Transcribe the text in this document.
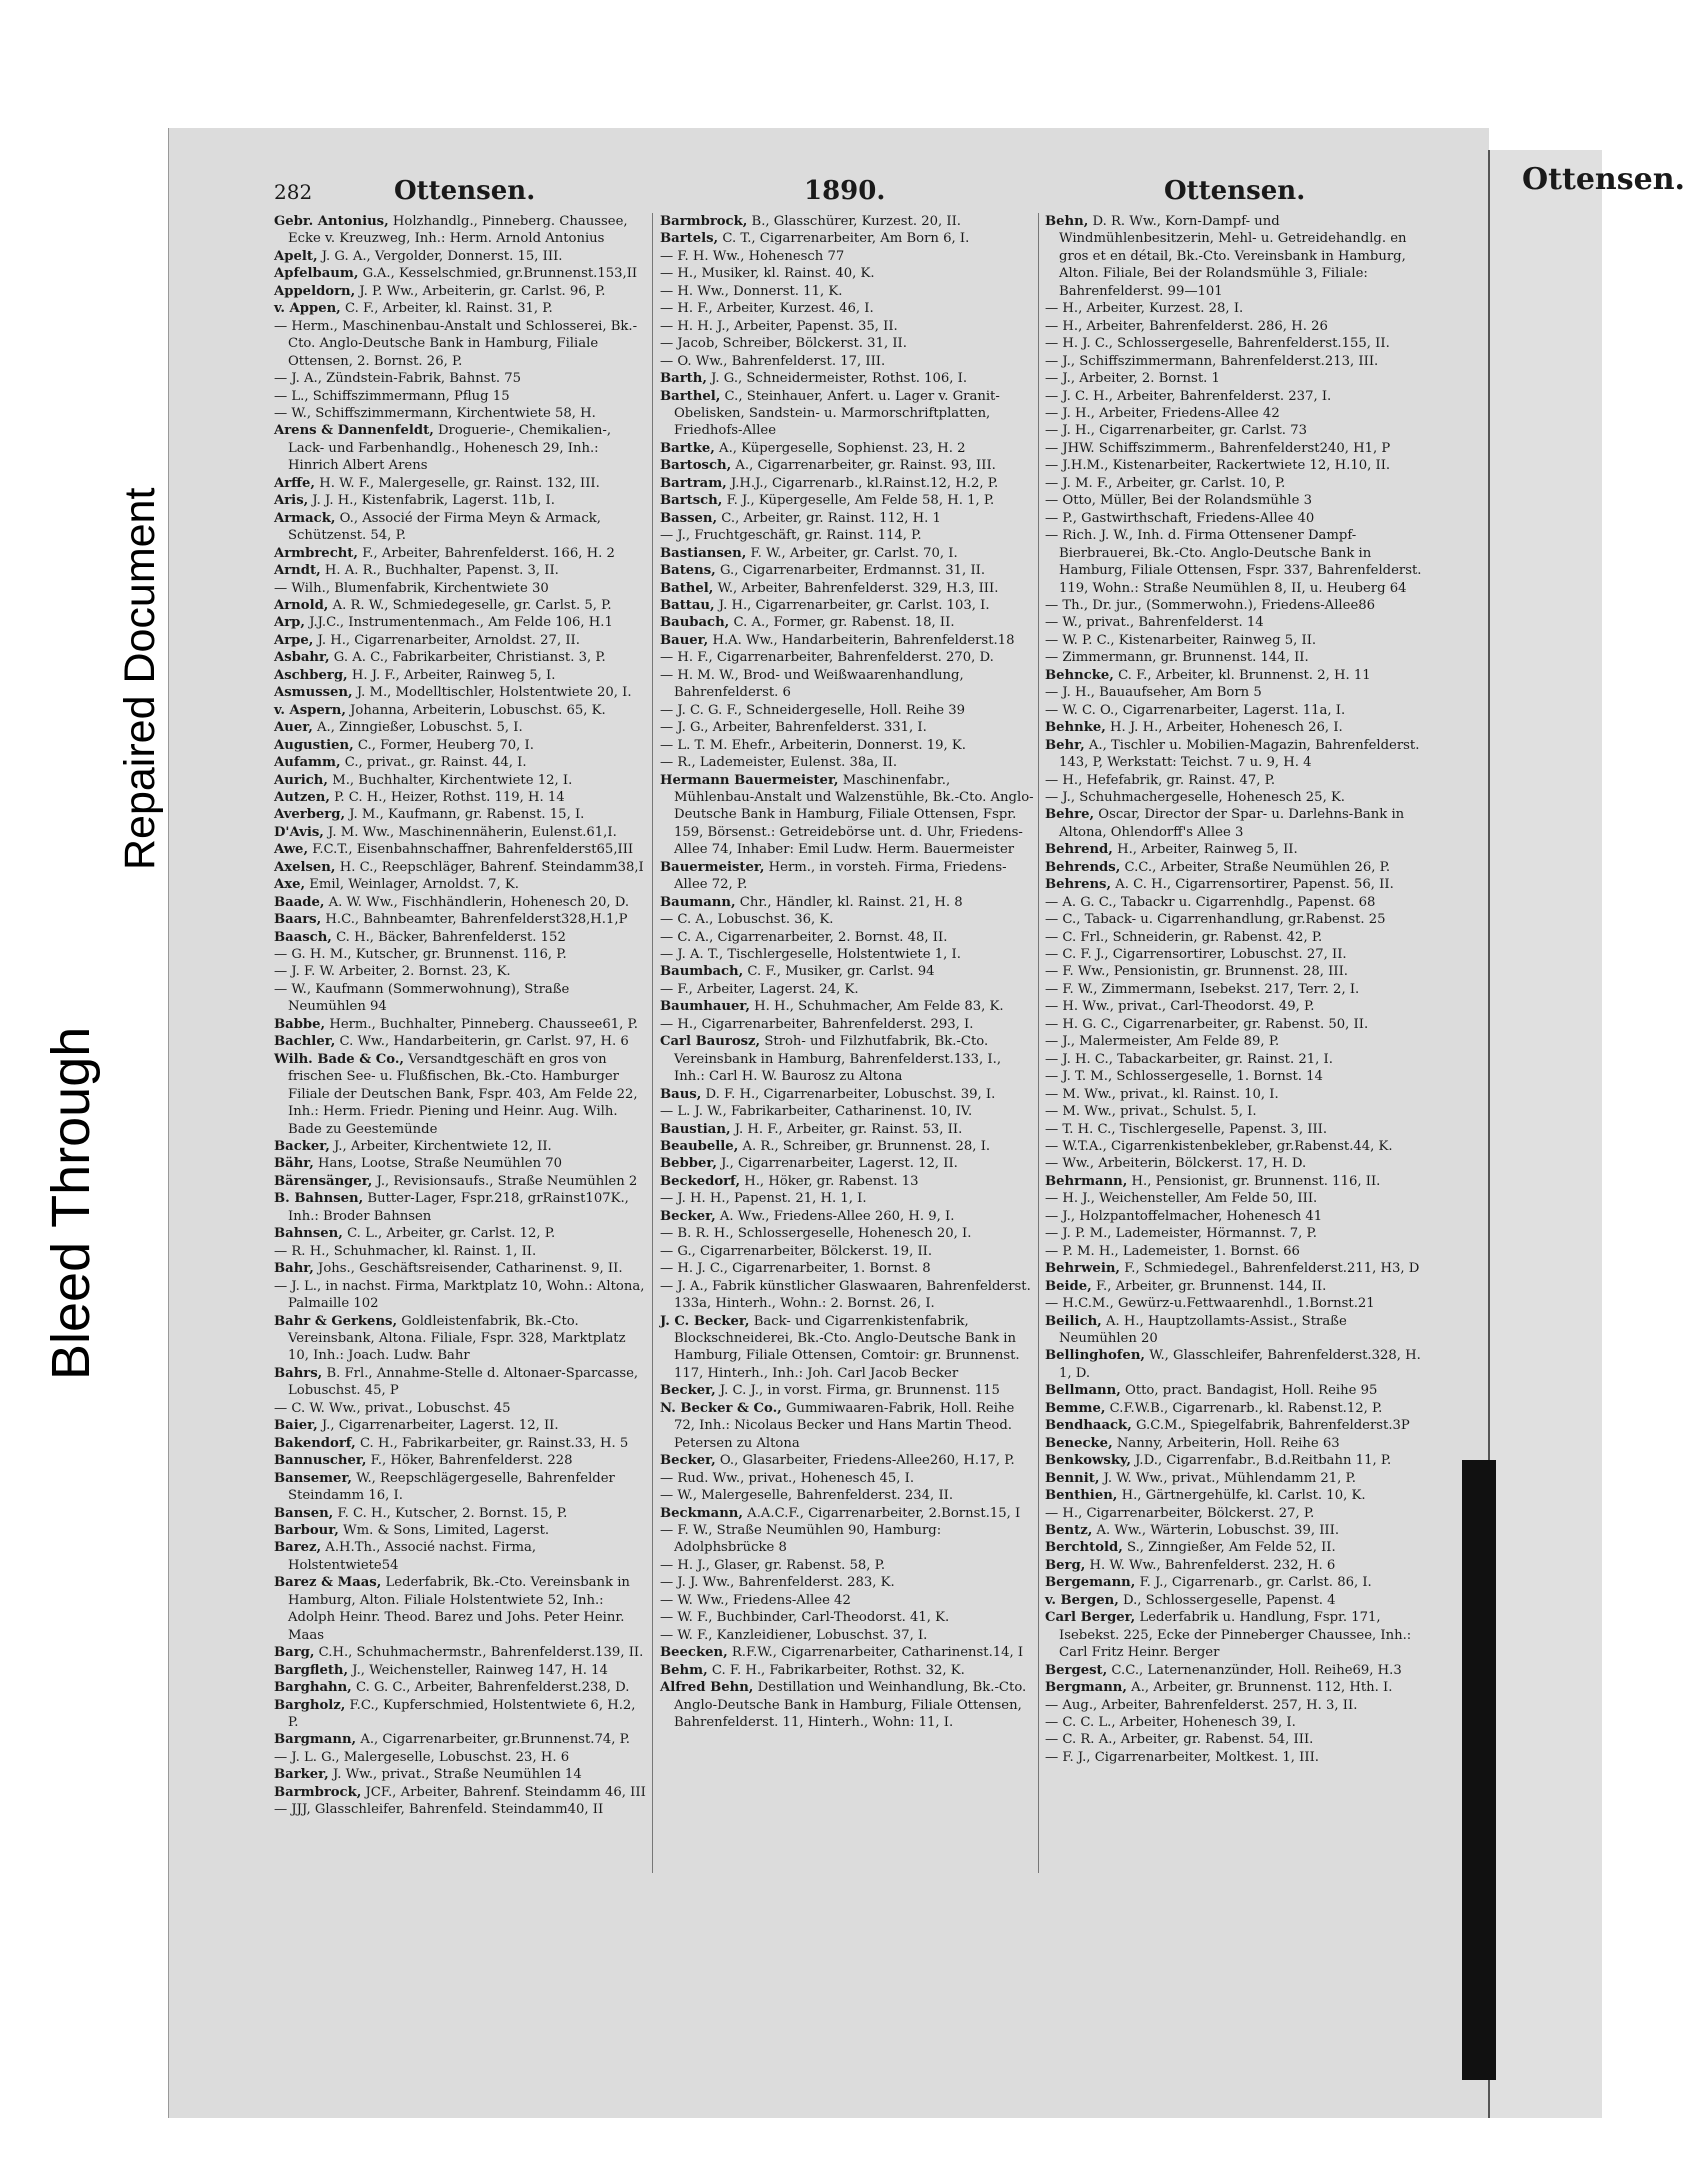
Bleed Through
Repaired Document
Ottensen.
282	Ottensen.	1890.	Ottensen.

Gebr. Antonius, Holzhandlg., Pinneberg. Chaussee, Ecke v. Kreuzweg, Inh.: Herm. Arnold Antonius

Apelt, J. G. A., Vergolder, Donnerst. 15, III.

Apfelbaum, G.A., Kesselschmied, gr.Brunnenst.153,II

Appeldorn, J. P. Ww., Arbeiterin, gr. Carlst. 96, P.

v. Appen, C. F., Arbeiter, kl. Rainst. 31, P.

— Herm., Maschinenbau-Anstalt und Schlosserei, Bk.-Cto. Anglo-Deutsche Bank in Hamburg, Filiale Ottensen, 2. Bornst. 26, P.

— J. A., Zündstein-Fabrik, Bahnst. 75

— L., Schiffszimmermann, Pflug 15

— W., Schiffszimmermann, Kirchentwiete 58, H.

Arens & Dannenfeldt, Droguerie-, Chemikalien-, Lack- und Farbenhandlg., Hohenesch 29, Inh.: Hinrich Albert Arens

Arffe, H. W. F., Malergeselle, gr. Rainst. 132, III.

Aris, J. J. H., Kistenfabrik, Lagerst. 11b, I.

Armack, O., Associé der Firma Meyn & Armack, Schützenst. 54, P.

Armbrecht, F., Arbeiter, Bahrenfelderst. 166, H. 2

Arndt, H. A. R., Buchhalter, Papenst. 3, II.

— Wilh., Blumenfabrik, Kirchentwiete 30

Arnold, A. R. W., Schmiedegeselle, gr. Carlst. 5, P.

Arp, J.J.C., Instrumentenmach., Am Felde 106, H.1

Arpe, J. H., Cigarrenarbeiter, Arnoldst. 27, II.

Asbahr, G. A. C., Fabrikarbeiter, Christianst. 3, P.

Aschberg, H. J. F., Arbeiter, Rainweg 5, I.

Asmussen, J. M., Modelltischler, Holstentwiete 20, I.

v. Aspern, Johanna, Arbeiterin, Lobuschst. 65, K.

Auer, A., Zinngießer, Lobuschst. 5, I.

Augustien, C., Former, Heuberg 70, I.

Aufamm, C., privat., gr. Rainst. 44, I.

Aurich, M., Buchhalter, Kirchentwiete 12, I.

Autzen, P. C. H., Heizer, Rothst. 119, H. 14

Averberg, J. M., Kaufmann, gr. Rabenst. 15, I.

D'Avis, J. M. Ww., Maschinennäherin, Eulenst.61,I.

Awe, F.C.T., Eisenbahnschaffner, Bahrenfelderst65,III

Axelsen, H. C., Reepschläger, Bahrenf. Steindamm38,I

Axe, Emil, Weinlager, Arnoldst. 7, K.

Baade, A. W. Ww., Fischhändlerin, Hohenesch 20, D.

Baars, H.C., Bahnbeamter, Bahrenfelderst328,H.1,P

Baasch, C. H., Bäcker, Bahrenfelderst. 152

— G. H. M., Kutscher, gr. Brunnenst. 116, P.

— J. F. W. Arbeiter, 2. Bornst. 23, K.

— W., Kaufmann (Sommerwohnung), Straße Neumühlen 94

Babbe, Herm., Buchhalter, Pinneberg. Chaussee61, P.

Bachler, C. Ww., Handarbeiterin, gr. Carlst. 97, H. 6

Wilh. Bade & Co., Versandtgeschäft en gros von frischen See- u. Flußfischen, Bk.-Cto. Hamburger Filiale der Deutschen Bank, Fspr. 403, Am Felde 22, Inh.: Herm. Friedr. Piening und Heinr. Aug. Wilh. Bade zu Geestemünde

Backer, J., Arbeiter, Kirchentwiete 12, II.

Bähr, Hans, Lootse, Straße Neumühlen 70

Bärensänger, J., Revisionsaufs., Straße Neumühlen 2

B. Bahnsen, Butter-Lager, Fspr.218, grRainst107K., Inh.: Broder Bahnsen

Bahnsen, C. L., Arbeiter, gr. Carlst. 12, P.

— R. H., Schuhmacher, kl. Rainst. 1, II.

Bahr, Johs., Geschäftsreisender, Catharinenst. 9, II.

— J. L., in nachst. Firma, Marktplatz 10, Wohn.: Altona, Palmaille 102

Bahr & Gerkens, Goldleistenfabrik, Bk.-Cto. Vereinsbank, Altona. Filiale, Fspr. 328, Marktplatz 10, Inh.: Joach. Ludw. Bahr

Bahrs, B. Frl., Annahme-Stelle d. Altonaer-Sparcasse, Lobuschst. 45, P

— C. W. Ww., privat., Lobuschst. 45

Baier, J., Cigarrenarbeiter, Lagerst. 12, II.

Bakendorf, C. H., Fabrikarbeiter, gr. Rainst.33, H. 5

Bannuscher, F., Höker, Bahrenfelderst. 228

Bansemer, W., Reepschlägergeselle, Bahrenfelder Steindamm 16, I.

Bansen, F. C. H., Kutscher, 2. Bornst. 15, P.

Barbour, Wm. & Sons, Limited, Lagerst.

Barez, A.H.Th., Associé nachst. Firma, Holstentwiete54

Barez & Maas, Lederfabrik, Bk.-Cto. Vereinsbank in Hamburg, Alton. Filiale Holstentwiete 52, Inh.: Adolph Heinr. Theod. Barez und Johs. Peter Heinr. Maas

Barg, C.H., Schuhmachermstr., Bahrenfelderst.139, II.

Bargfleth, J., Weichensteller, Rainweg 147, H. 14

Barghahn, C. G. C., Arbeiter, Bahrenfelderst.238, D.

Bargholz, F.C., Kupferschmied, Holstentwiete 6, H.2, P.

Bargmann, A., Cigarrenarbeiter, gr.Brunnenst.74, P.

— J. L. G., Malergeselle, Lobuschst. 23, H. 6

Barker, J. Ww., privat., Straße Neumühlen 14

Barmbrock, JCF., Arbeiter, Bahrenf. Steindamm 46, III

— JJJ, Glasschleifer, Bahrenfeld. Steindamm40, II

Barmbrock, B., Glasschürer, Kurzest. 20, II.

Bartels, C. T., Cigarrenarbeiter, Am Born 6, I.

— F. H. Ww., Hohenesch 77

— H., Musiker, kl. Rainst. 40, K.

— H. Ww., Donnerst. 11, K.

— H. F., Arbeiter, Kurzest. 46, I.

— H. H. J., Arbeiter, Papenst. 35, II.

— Jacob, Schreiber, Bölckerst. 31, II.

— O. Ww., Bahrenfelderst. 17, III.

Barth, J. G., Schneidermeister, Rothst. 106, I.

Barthel, C., Steinhauer, Anfert. u. Lager v. Granit-Obelisken, Sandstein- u. Marmorschriftplatten, Friedhofs-Allee

Bartke, A., Küpergeselle, Sophienst. 23, H. 2

Bartosch, A., Cigarrenarbeiter, gr. Rainst. 93, III.

Bartram, J.H.J., Cigarrenarb., kl.Rainst.12, H.2, P.

Bartsch, F. J., Küpergeselle, Am Felde 58, H. 1, P.

Bassen, C., Arbeiter, gr. Rainst. 112, H. 1

— J., Fruchtgeschäft, gr. Rainst. 114, P.

Bastiansen, F. W., Arbeiter, gr. Carlst. 70, I.

Batens, G., Cigarrenarbeiter, Erdmannst. 31, II.

Bathel, W., Arbeiter, Bahrenfelderst. 329, H.3, III.

Battau, J. H., Cigarrenarbeiter, gr. Carlst. 103, I.

Baubach, C. A., Former, gr. Rabenst. 18, II.

Bauer, H.A. Ww., Handarbeiterin, Bahrenfelderst.18

— H. F., Cigarrenarbeiter, Bahrenfelderst. 270, D.

— H. M. W., Brod- und Weißwaarenhandlung, Bahrenfelderst. 6

— J. C. G. F., Schneidergeselle, Holl. Reihe 39

— J. G., Arbeiter, Bahrenfelderst. 331, I.

— L. T. M. Ehefr., Arbeiterin, Donnerst. 19, K.

— R., Lademeister, Eulenst. 38a, II.

Hermann Bauermeister, Maschinenfabr., Mühlenbau-Anstalt und Walzenstühle, Bk.-Cto. Anglo-Deutsche Bank in Hamburg, Filiale Ottensen, Fspr. 159, Börsenst.: Getreidebörse unt. d. Uhr, Friedens-Allee 74, Inhaber: Emil Ludw. Herm. Bauermeister

Bauermeister, Herm., in vorsteh. Firma, Friedens-Allee 72, P.

Baumann, Chr., Händler, kl. Rainst. 21, H. 8

— C. A., Lobuschst. 36, K.

— C. A., Cigarrenarbeiter, 2. Bornst. 48, II.

— J. A. T., Tischlergeselle, Holstentwiete 1, I.

Baumbach, C. F., Musiker, gr. Carlst. 94

— F., Arbeiter, Lagerst. 24, K.

Baumhauer, H. H., Schuhmacher, Am Felde 83, K.

— H., Cigarrenarbeiter, Bahrenfelderst. 293, I.

Carl Baurosz, Stroh- und Filzhutfabrik, Bk.-Cto. Vereinsbank in Hamburg, Bahrenfelderst.133, I., Inh.: Carl H. W. Baurosz zu Altona

Baus, D. F. H., Cigarrenarbeiter, Lobuschst. 39, I.

— L. J. W., Fabrikarbeiter, Catharinenst. 10, IV.

Baustian, J. H. F., Arbeiter, gr. Rainst. 53, II.

Beaubelle, A. R., Schreiber, gr. Brunnenst. 28, I.

Bebber, J., Cigarrenarbeiter, Lagerst. 12, II.

Beckedorf, H., Höker, gr. Rabenst. 13

— J. H. H., Papenst. 21, H. 1, I.

Becker, A. Ww., Friedens-Allee 260, H. 9, I.

— B. R. H., Schlossergeselle, Hohenesch 20, I.

— G., Cigarrenarbeiter, Bölckerst. 19, II.

— H. J. C., Cigarrenarbeiter, 1. Bornst. 8

— J. A., Fabrik künstlicher Glaswaaren, Bahrenfelderst. 133a, Hinterh., Wohn.: 2. Bornst. 26, I.

J. C. Becker, Back- und Cigarrenkistenfabrik, Blockschneiderei, Bk.-Cto. Anglo-Deutsche Bank in Hamburg, Filiale Ottensen, Comtoir: gr. Brunnenst. 117, Hinterh., Inh.: Joh. Carl Jacob Becker

Becker, J. C. J., in vorst. Firma, gr. Brunnenst. 115

N. Becker & Co., Gummiwaaren-Fabrik, Holl. Reihe 72, Inh.: Nicolaus Becker und Hans Martin Theod. Petersen zu Altona

Becker, O., Glasarbeiter, Friedens-Allee260, H.17, P.

— Rud. Ww., privat., Hohenesch 45, I.

— W., Malergeselle, Bahrenfelderst. 234, II.

Beckmann, A.A.C.F., Cigarrenarbeiter, 2.Bornst.15, I

— F. W., Straße Neumühlen 90, Hamburg: Adolphsbrücke 8

— H. J., Glaser, gr. Rabenst. 58, P.

— J. J. Ww., Bahrenfelderst. 283, K.

— W. Ww., Friedens-Allee 42

— W. F., Buchbinder, Carl-Theodorst. 41, K.

— W. F., Kanzleidiener, Lobuschst. 37, I.

Beecken, R.F.W., Cigarrenarbeiter, Catharinenst.14, I

Behm, C. F. H., Fabrikarbeiter, Rothst. 32, K.

Alfred Behn, Destillation und Weinhandlung, Bk.-Cto. Anglo-Deutsche Bank in Hamburg, Filiale Ottensen, Bahrenfelderst. 11, Hinterh., Wohn: 11, I.

Behn, D. R. Ww., Korn-Dampf- und Windmühlenbesitzerin, Mehl- u. Getreidehandlg. en gros et en détail, Bk.-Cto. Vereinsbank in Hamburg, Alton. Filiale, Bei der Rolandsmühle 3, Filiale: Bahrenfelderst. 99—101

— H., Arbeiter, Kurzest. 28, I.

— H., Arbeiter, Bahrenfelderst. 286, H. 26

— H. J. C., Schlossergeselle, Bahrenfelderst.155, II.

— J., Schiffszimmermann, Bahrenfelderst.213, III.

— J., Arbeiter, 2. Bornst. 1

— J. C. H., Arbeiter, Bahrenfelderst. 237, I.

— J. H., Arbeiter, Friedens-Allee 42

— J. H., Cigarrenarbeiter, gr. Carlst. 73

— JHW. Schiffszimmerm., Bahrenfelderst240, H1, P

— J.H.M., Kistenarbeiter, Rackertwiete 12, H.10, II.

— J. M. F., Arbeiter, gr. Carlst. 10, P.

— Otto, Müller, Bei der Rolandsmühle 3

— P., Gastwirthschaft, Friedens-Allee 40

— Rich. J. W., Inh. d. Firma Ottensener Dampf-Bierbrauerei, Bk.-Cto. Anglo-Deutsche Bank in Hamburg, Filiale Ottensen, Fspr. 337, Bahrenfelderst. 119, Wohn.: Straße Neumühlen 8, II, u. Heuberg 64

— Th., Dr. jur., (Sommerwohn.), Friedens-Allee86

— W., privat., Bahrenfelderst. 14

— W. P. C., Kistenarbeiter, Rainweg 5, II.

— Zimmermann, gr. Brunnenst. 144, II.

Behncke, C. F., Arbeiter, kl. Brunnenst. 2, H. 11

— J. H., Bauaufseher, Am Born 5

— W. C. O., Cigarrenarbeiter, Lagerst. 11a, I.

Behnke, H. J. H., Arbeiter, Hohenesch 26, I.

Behr, A., Tischler u. Mobilien-Magazin, Bahrenfelderst. 143, P, Werkstatt: Teichst. 7 u. 9, H. 4

— H., Hefefabrik, gr. Rainst. 47, P.

— J., Schuhmachergeselle, Hohenesch 25, K.

Behre, Oscar, Director der Spar- u. Darlehns-Bank in Altona, Ohlendorff's Allee 3

Behrend, H., Arbeiter, Rainweg 5, II.

Behrends, C.C., Arbeiter, Straße Neumühlen 26, P.

Behrens, A. C. H., Cigarrensortirer, Papenst. 56, II.

— A. G. C., Tabackr u. Cigarrenhdlg., Papenst. 68

— C., Taback- u. Cigarrenhandlung, gr.Rabenst. 25

— C. Frl., Schneiderin, gr. Rabenst. 42, P.

— C. F. J., Cigarrensortirer, Lobuschst. 27, II.

— F. Ww., Pensionistin, gr. Brunnenst. 28, III.

— F. W., Zimmermann, Isebekst. 217, Terr. 2, I.

— H. Ww., privat., Carl-Theodorst. 49, P.

— H. G. C., Cigarrenarbeiter, gr. Rabenst. 50, II.

— J., Malermeister, Am Felde 89, P.

— J. H. C., Tabackarbeiter, gr. Rainst. 21, I.

— J. T. M., Schlossergeselle, 1. Bornst. 14

— M. Ww., privat., kl. Rainst. 10, I.

— M. Ww., privat., Schulst. 5, I.

— T. H. C., Tischlergeselle, Papenst. 3, III.

— W.T.A., Cigarrenkistenbekleber, gr.Rabenst.44, K.

— Ww., Arbeiterin, Bölckerst. 17, H. D.

Behrmann, H., Pensionist, gr. Brunnenst. 116, II.

— H. J., Weichensteller, Am Felde 50, III.

— J., Holzpantoffelmacher, Hohenesch 41

— J. P. M., Lademeister, Hörmannst. 7, P.

— P. M. H., Lademeister, 1. Bornst. 66

Behrwein, F., Schmiedegel., Bahrenfelderst.211, H3, D

Beide, F., Arbeiter, gr. Brunnenst. 144, II.

— H.C.M., Gewürz-u.Fettwaarenhdl., 1.Bornst.21

Beilich, A. H., Hauptzollamts-Assist., Straße Neumühlen 20

Bellinghofen, W., Glasschleifer, Bahrenfelderst.328, H. 1, D.

Bellmann, Otto, pract. Bandagist, Holl. Reihe 95

Bemme, C.F.W.B., Cigarrenarb., kl. Rabenst.12, P.

Bendhaack, G.C.M., Spiegelfabrik, Bahrenfelderst.3P

Benecke, Nanny, Arbeiterin, Holl. Reihe 63

Benkowsky, J.D., Cigarrenfabr., B.d.Reitbahn 11, P.

Bennit, J. W. Ww., privat., Mühlendamm 21, P.

Benthien, H., Gärtnergehülfe, kl. Carlst. 10, K.

— H., Cigarrenarbeiter, Bölckerst. 27, P.

Bentz, A. Ww., Wärterin, Lobuschst. 39, III.

Berchtold, S., Zinngießer, Am Felde 52, II.

Berg, H. W. Ww., Bahrenfelderst. 232, H. 6

Bergemann, F. J., Cigarrenarb., gr. Carlst. 86, I.

v. Bergen, D., Schlossergeselle, Papenst. 4

Carl Berger, Lederfabrik u. Handlung, Fspr. 171, Isebekst. 225, Ecke der Pinneberger Chaussee, Inh.: Carl Fritz Heinr. Berger

Bergest, C.C., Laternenanzünder, Holl. Reihe69, H.3

Bergmann, A., Arbeiter, gr. Brunnenst. 112, Hth. I.

— Aug., Arbeiter, Bahrenfelderst. 257, H. 3, II.

— C. C. L., Arbeiter, Hohenesch 39, I.

— C. R. A., Arbeiter, gr. Rabenst. 54, III.

— F. J., Cigarrenarbeiter, Moltkest. 1, III.
